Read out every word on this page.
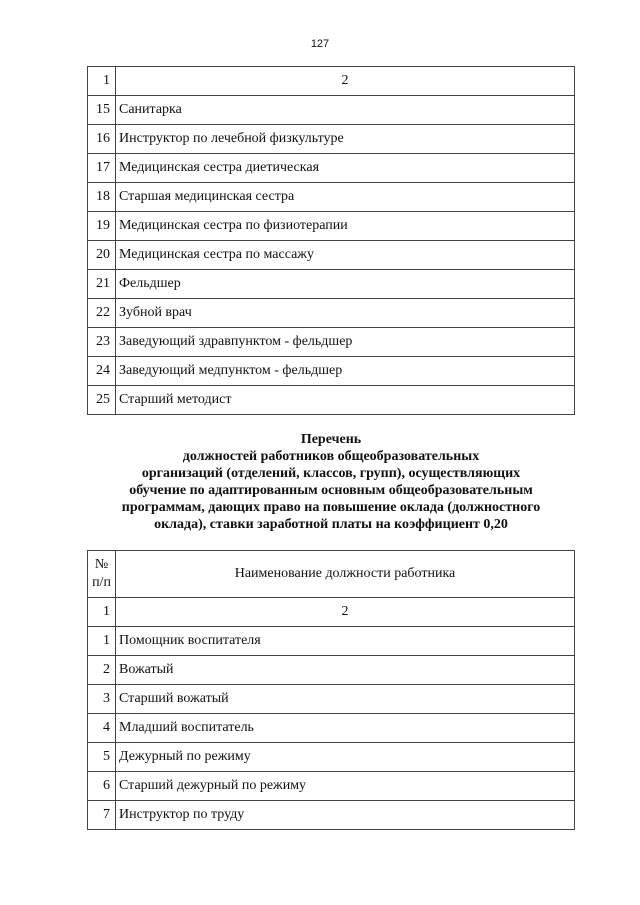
127
1	2
15	Санитарка
16	Инструктор по лечебной физкультуре
17	Медицинская сестра диетическая
18	Старшая медицинская сестра
19	Медицинская сестра по физиотерапии
20	Медицинская сестра по массажу
21	Фельдшер
22	Зубной врач
23	Заведующий здравпунктом - фельдшер
24	Заведующий медпунктом - фельдшер
25	Старший методист
Перечень
должностей работников общеобразовательных
организаций (отделений, классов, групп), осуществляющих
обучение по адаптированным основным общеобразовательным
программам, дающих право на повышение оклада (должностного
оклада), ставки заработной платы на коэффициент 0,20
№
п/п	Наименование должности работника
1	2
1	Помощник воспитателя
2	Вожатый
3	Старший вожатый
4	Младший воспитатель
5	Дежурный по режиму
6	Старший дежурный по режиму
7	Инструктор по труду
